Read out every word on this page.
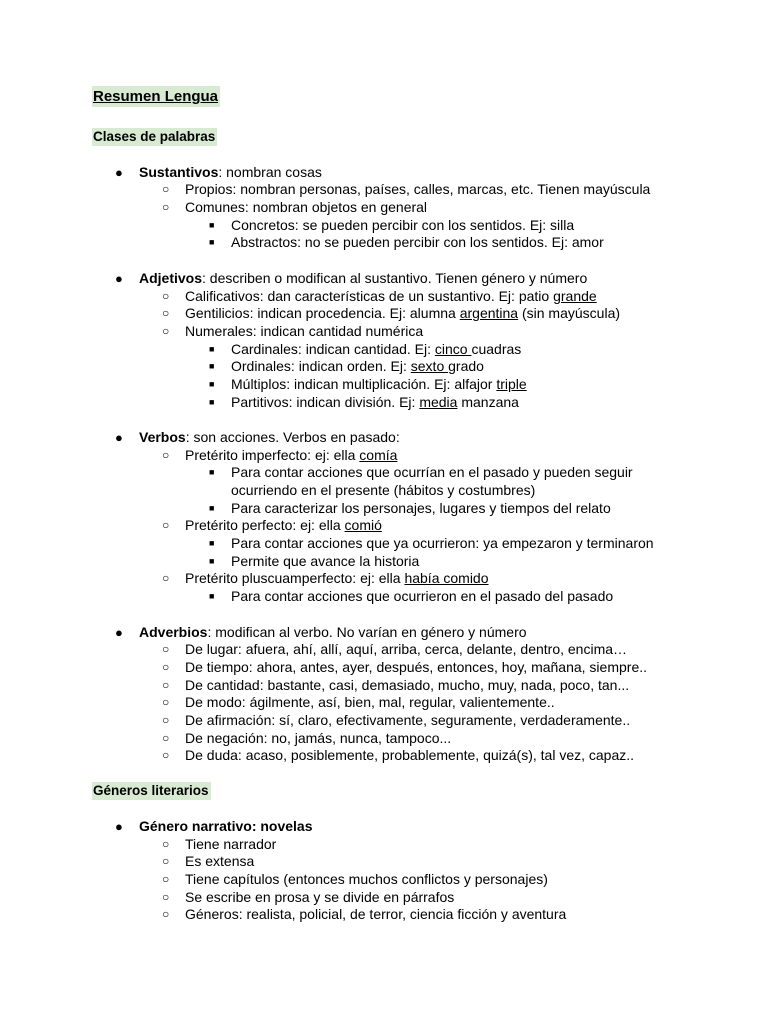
Resumen Lengua
Clases de palabras
● Sustantivos: nombran cosas
○ Propios: nombran personas, países, calles, marcas, etc. Tienen mayúscula
○ Comunes: nombran objetos en general
■ Concretos: se pueden percibir con los sentidos. Ej: silla
■ Abstractos: no se pueden percibir con los sentidos. Ej: amor
● Adjetivos: describen o modifican al sustantivo. Tienen género y número
○ Calificativos: dan características de un sustantivo. Ej: patio grande
○ Gentilicios: indican procedencia. Ej: alumna argentina (sin mayúscula)
○ Numerales: indican cantidad numérica
■ Cardinales: indican cantidad. Ej: cinco cuadras
■ Ordinales: indican orden. Ej: sexto grado
■ Múltiplos: indican multiplicación. Ej: alfajor triple
■ Partitivos: indican división. Ej: media manzana
● Verbos: son acciones. Verbos en pasado:
○ Pretérito imperfecto: ej: ella comía
■ Para contar acciones que ocurrían en el pasado y pueden seguir
ocurriendo en el presente (hábitos y costumbres)
■ Para caracterizar los personajes, lugares y tiempos del relato
○ Pretérito perfecto: ej: ella comió
■ Para contar acciones que ya ocurrieron: ya empezaron y terminaron
■ Permite que avance la historia
○ Pretérito pluscuamperfecto: ej: ella había comido
■ Para contar acciones que ocurrieron en el pasado del pasado
● Adverbios: modifican al verbo. No varían en género y número
○ De lugar: afuera, ahí, allí, aquí, arriba, cerca, delante, dentro, encima…
○ De tiempo: ahora, antes, ayer, después, entonces, hoy, mañana, siempre..
○ De cantidad: bastante, casi, demasiado, mucho, muy, nada, poco, tan...
○ De modo: ágilmente, así, bien, mal, regular, valientemente..
○ De afirmación: sí, claro, efectivamente, seguramente, verdaderamente..
○ De negación: no, jamás, nunca, tampoco...
○ De duda: acaso, posiblemente, probablemente, quizá(s), tal vez, capaz..
Géneros literarios
● Género narrativo: novelas
○ Tiene narrador
○ Es extensa
○ Tiene capítulos (entonces muchos conflictos y personajes)
○ Se escribe en prosa y se divide en párrafos
○ Géneros: realista, policial, de terror, ciencia ficción y aventura
